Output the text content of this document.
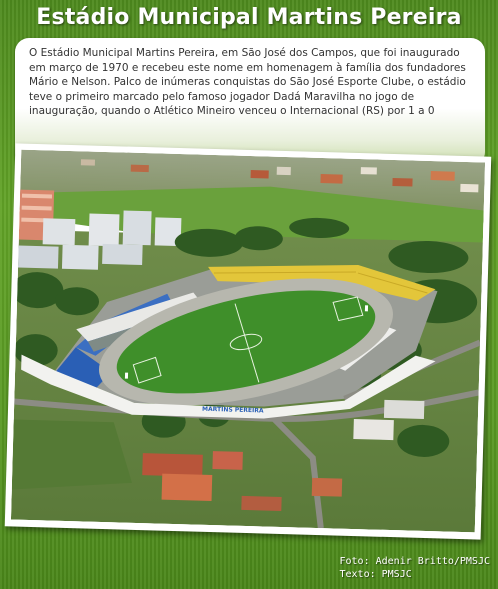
Estádio Municipal Martins Pereira

O Estádio Municipal Martins Pereira, em São José dos Campos, que foi inaugurado em março de 1970 e recebeu este nome em homenagem à família dos fundadores Mário e Nelson. Palco de inúmeras conquistas do São José Esporte Clube, o estádio teve o primeiro marcado pelo famoso jogador Dadá Maravilha no jogo de inauguração, quando o Atlético Mineiro venceu o Internacional (RS) por 1 a 0

MARTINS PEREIRA
Foto: Adenir Britto/PMSJC
Texto: PMSJC
